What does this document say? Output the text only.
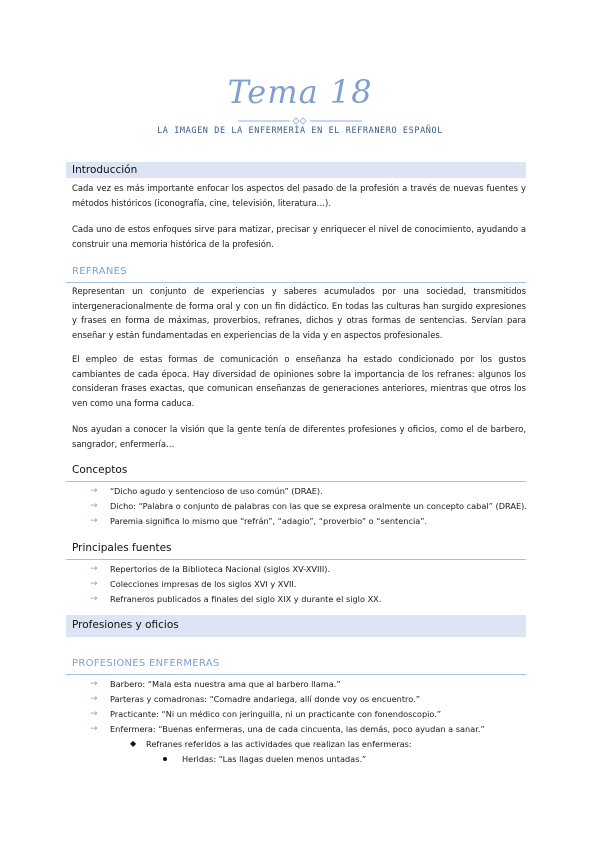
Tema 18
LA IMAGEN DE LA ENFERMERÍA EN EL REFRANERO ESPAÑOL
Introducción

Cada vez es más importante enfocar los aspectos del pasado de la profesión a través de nuevas fuentes y métodos históricos (iconografía, cine, televisión, literatura…).

Cada uno de estos enfoques sirve para matizar, precisar y enriquecer el nivel de conocimiento, ayudando a construir una memoria histórica de la profesión.

REFRANES

Representan un conjunto de experiencias y saberes acumulados por una sociedad, transmitidos intergeneracionalmente de forma oral y con un fin didáctico. En todas las culturas han surgido expresiones y frases en forma de máximas, proverbios, refranes, dichos y otras formas de sentencias. Servían para enseñar y están fundamentadas en experiencias de la vida y en aspectos profesionales.

El empleo de estas formas de comunicación o enseñanza ha estado condicionado por los gustos cambiantes de cada época. Hay diversidad de opiniones sobre la importancia de los refranes: algunos los consideran frases exactas, que comunican enseñanzas de generaciones anteriores, mientras que otros los ven como una forma caduca.

Nos ayudan a conocer la visión que la gente tenía de diferentes profesiones y oficios, como el de barbero, sangrador, enfermería…

Conceptos
→ “Dicho agudo y sentencioso de uso común” (DRAE).
→ Dicho: “Palabra o conjunto de palabras con las que se expresa oralmente un concepto cabal” (DRAE).
→ Paremia significa lo mismo que “refrán”, “adagio”, “proverbio” o “sentencia”.
Principales fuentes
→ Repertorios de la Biblioteca Nacional (siglos XV-XVIII).
→ Colecciones impresas de los siglos XVI y XVII.
→ Refraneros publicados a finales del siglo XIX y durante el siglo XX.
Profesiones y oficios
PROFESIONES ENFERMERAS
→ Barbero: “Mala esta nuestra ama que al barbero llama.”
→ Parteras y comadronas: “Comadre andariega, allí donde voy os encuentro.”
→ Practicante: “Ni un médico con jeringuilla, ni un practicante con fonendoscopio.”
→ Enfermera: “Buenas enfermeras, una de cada cincuenta, las demás, poco ayudan a sanar.”
◆ Refranes referidos a las actividades que realizan las enfermeras:
Heridas: “Las llagas duelen menos untadas.”
